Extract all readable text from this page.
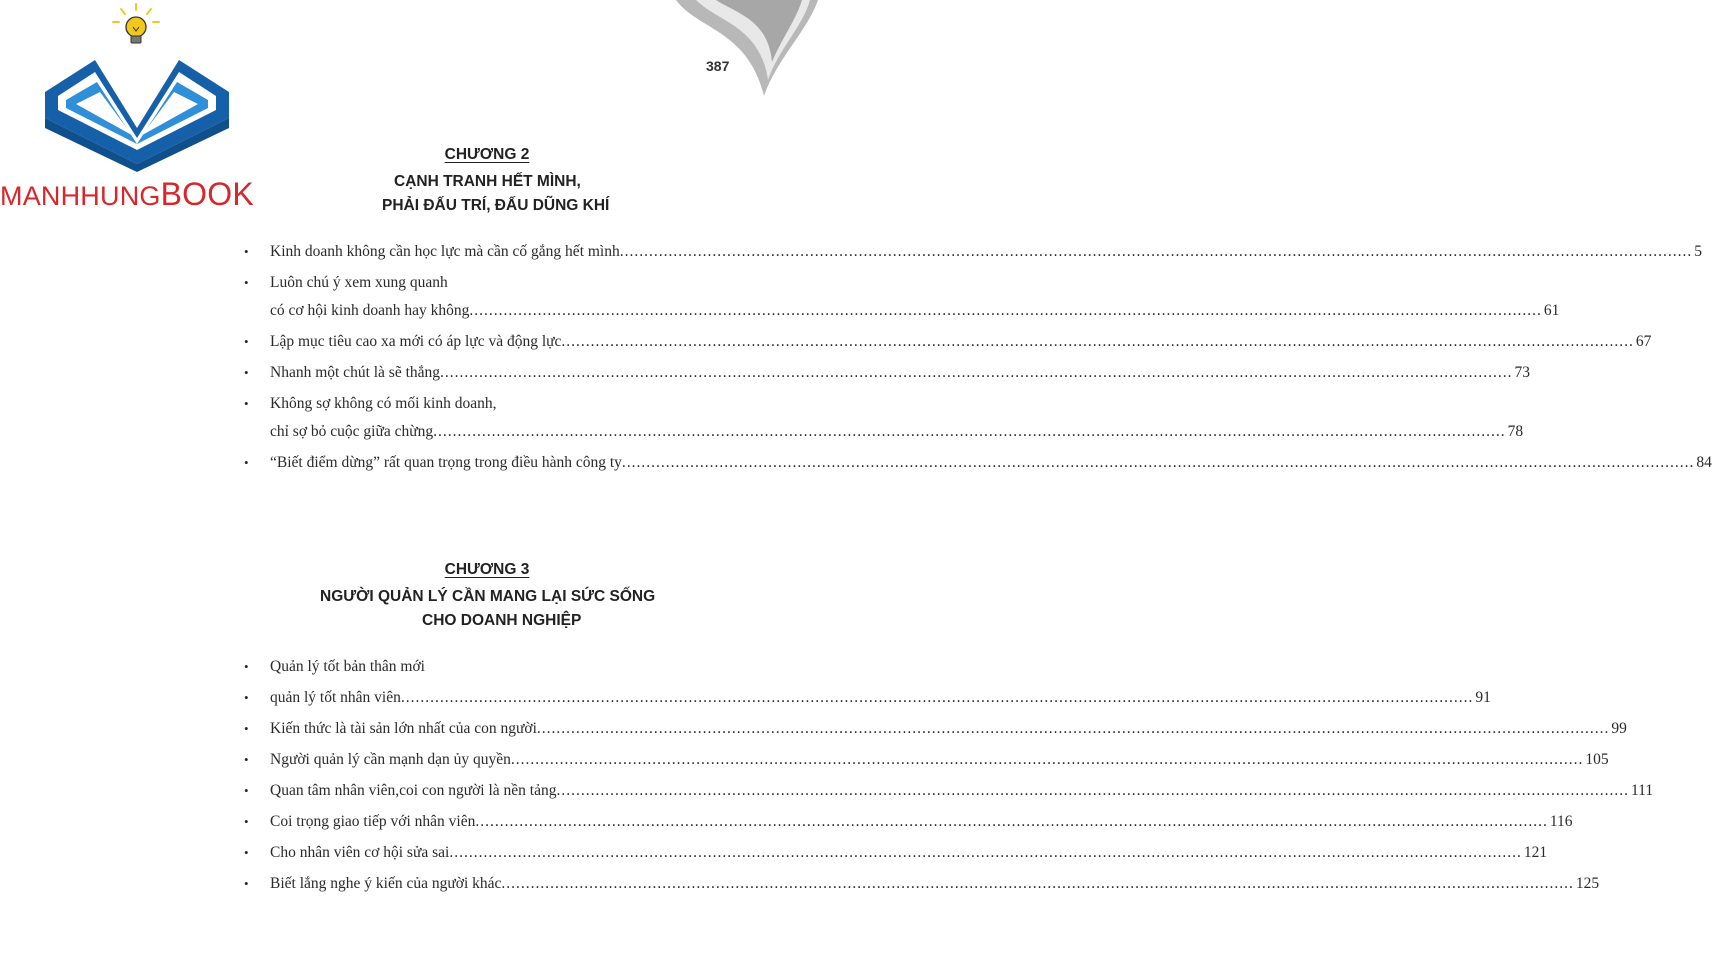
MANHHUNGBOOK
387
CHƯƠNG 2
CẠNH TRANH HẾT MÌNH,
PHẢI ĐẤU TRÍ, ĐẤU DŨNG KHÍ
• Kinh doanh không cần học lực mà cần cố gắng hết mình ............................................................................................................................................................................................................................ 5
• Luôn chú ý xem xung quanh
có cơ hội kinh doanh hay không ............................................................................................................................................................................................................................ 61
• Lập mục tiêu cao xa mới có áp lực và động lực ............................................................................................................................................................................................................................ 67
• Nhanh một chút là sẽ thắng ............................................................................................................................................................................................................................ 73
• Không sợ không có mối kinh doanh,
chỉ sợ bỏ cuộc giữa chừng ............................................................................................................................................................................................................................ 78
• “Biết điểm dừng” rất quan trọng trong điều hành công ty ............................................................................................................................................................................................................................ 84
CHƯƠNG 3
NGƯỜI QUẢN LÝ CẦN MANG LẠI SỨC SỐNG
CHO DOANH NGHIỆP
• Quản lý tốt bản thân mới
• quản lý tốt nhân viên ............................................................................................................................................................................................................................ 91
• Kiến thức là tài sản lớn nhất của con người ............................................................................................................................................................................................................................ 99
• Người quản lý cần mạnh dạn ủy quyền ............................................................................................................................................................................................................................ 105
• Quan tâm nhân viên,coi con người là nền tảng ............................................................................................................................................................................................................................ 111
• Coi trọng giao tiếp với nhân viên ............................................................................................................................................................................................................................ 116
• Cho nhân viên cơ hội sửa sai ............................................................................................................................................................................................................................ 121
• Biết lắng nghe ý kiến của người khác ............................................................................................................................................................................................................................ 125
